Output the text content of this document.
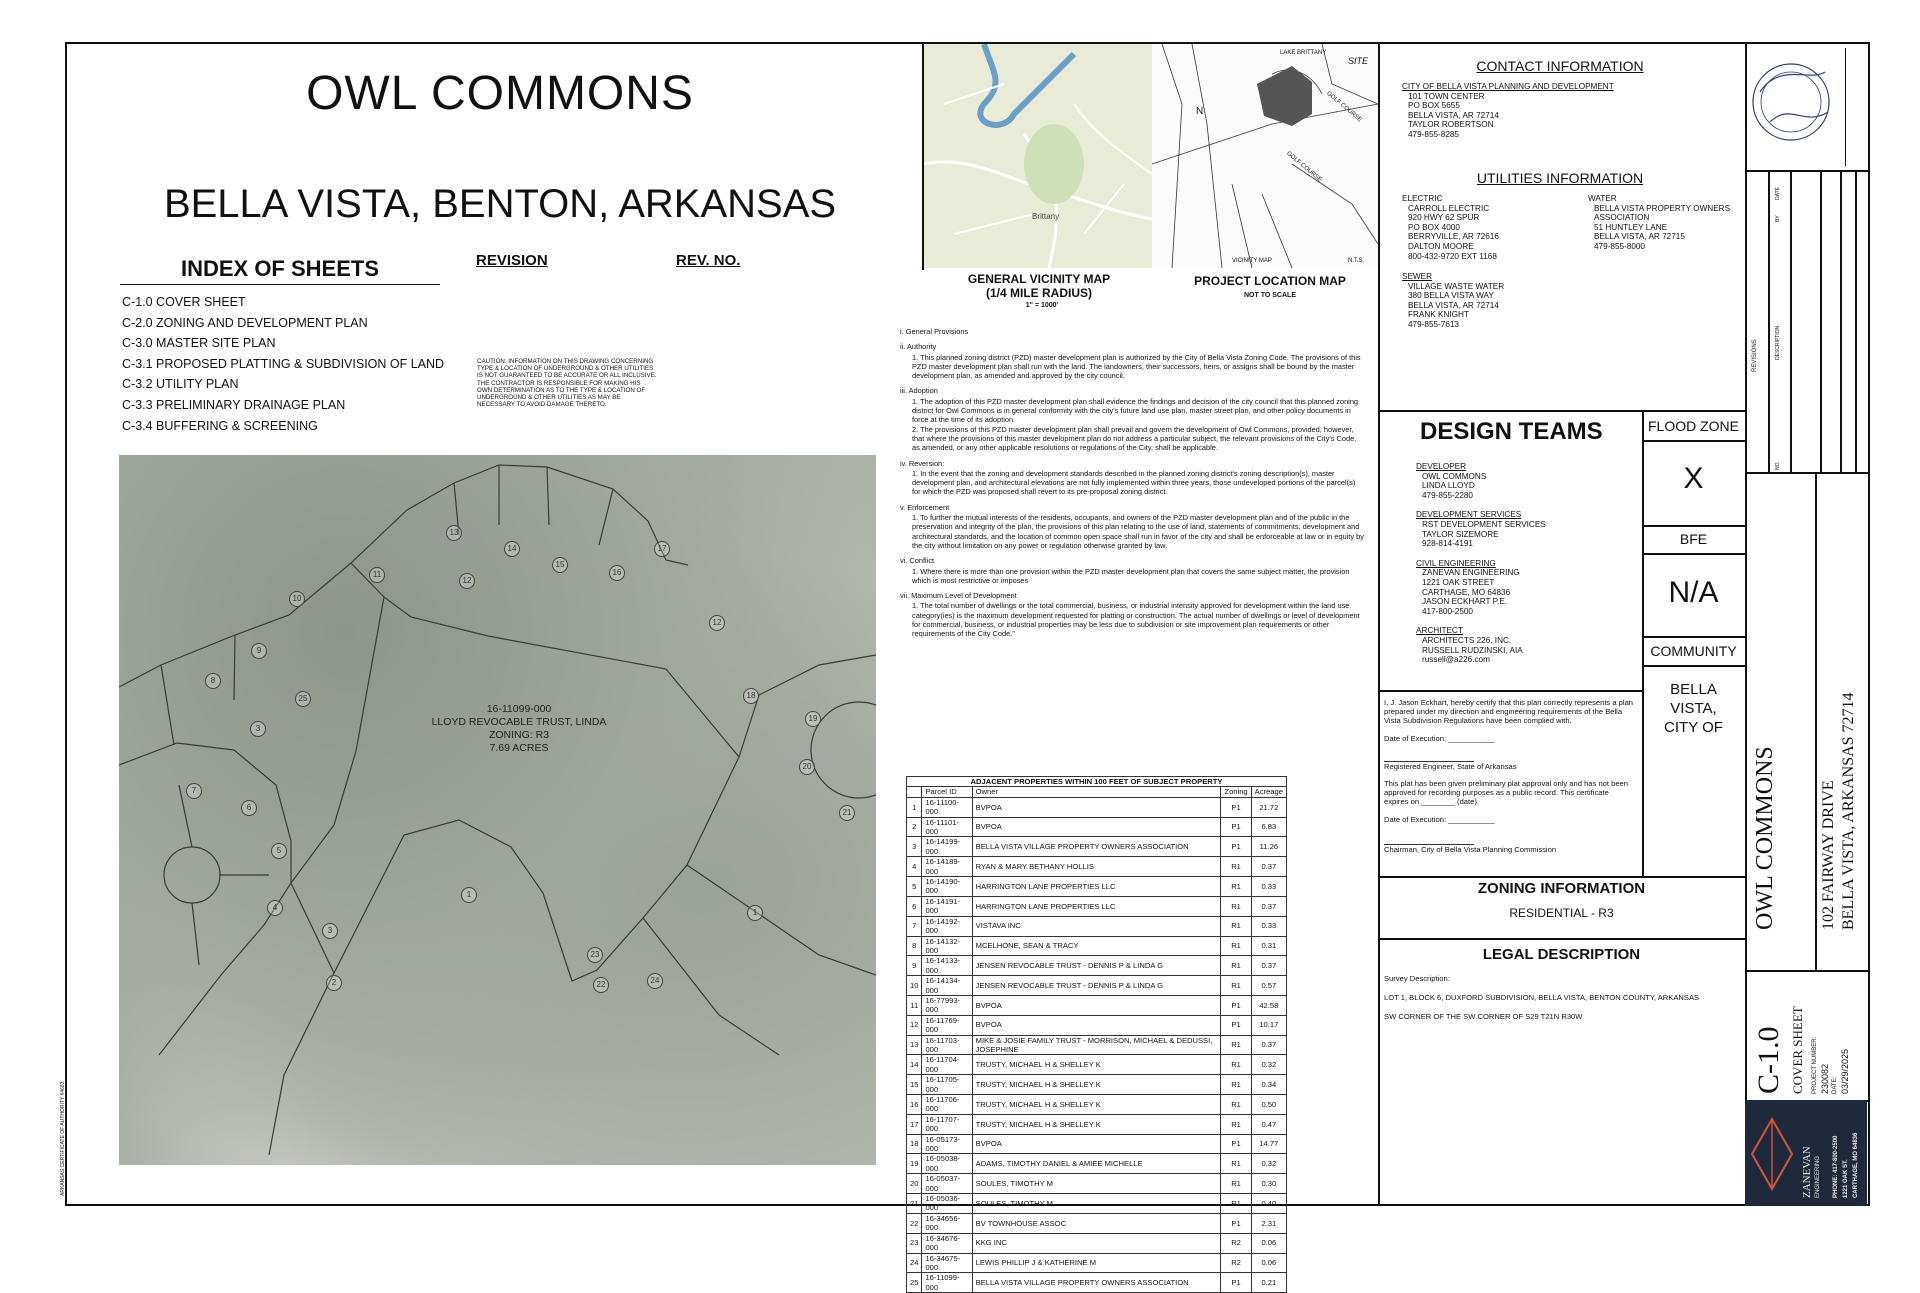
OWL COMMONS
BELLA VISTA, BENTON, ARKANSAS
INDEX OF SHEETS	REVISION	REV. NO.
C-1.0 COVER SHEET
C-2.0 ZONING AND DEVELOPMENT PLAN
C-3.0 MASTER SITE PLAN
C-3.1 PROPOSED PLATTING & SUBDIVISION OF LAND
C-3.2 UTILITY PLAN
C-3.3 PRELIMINARY DRAINAGE PLAN
C-3.4 BUFFERING & SCREENING
CAUTION: INFORMATION ON THIS DRAWING CONCERNING TYPE & LOCATION OF UNDERGROUND & OTHER UTILITIES IS NOT GUARANTEED TO BE ACCURATE OR ALL INCLUSIVE. THE CONTRACTOR IS RESPONSIBLE FOR MAKING HIS OWN DETERMINATION AS TO THE TYPE & LOCATION OF UNDERGROUND & OTHER UTILITIES AS MAY BE NECESSARY TO AVOID DAMAGE THERETO.
16-11099-000
LLOYD REVOCABLE TRUST, LINDA
ZONING: R3
7.69 ACRES
13
14
15
16
17
11
12
10
9
8
25
3
12
18
19
20
21
7
6
5
4
3
2
1
1
23
24
22
ARKANSAS CERTIFICATE OF AUTHORITY #4683
Brittany
LAKE BRITTANY
SITE
GOLF COURSE
GOLF COURSE
N
VICINITY MAP	N.T.S.
GENERAL VICINITY MAP (1/4 MILE RADIUS)
1" = 1000'
PROJECT LOCATION MAP
NOT TO SCALE

i. General Provisions

ii. Authority

1. This planned zoning district (PZD) master development plan is authorized by the City of Bella Vista Zoning Code. The provisions of this PZD master development plan shall run with the land. The landowners, their successors, heirs, or assigns shall be bound by the master development plan, as amended and approved by the city council.

iii. Adoption

1. The adoption of this PZD master development plan shall evidence the findings and decision of the city council that this planned zoning district for Owl Commons is in general conformity with the city's future land use plan, master street plan, and other policy documents in force at the time of its adoption.

2. The provisions of this PZD master development plan shall prevail and govern the development of Owl Commons, provided, however, that where the provisions of this master development plan do not address a particular subject, the relevant provisions of the City's Code, as amended, or any other applicable resolutions or regulations of the City, shall be applicable.

iv. Reversion:

1. In the event that the zoning and development standards described in the planned zoning district's zoning description(s), master development plan, and architectural elevations are not fully implemented within three years, those undeveloped portions of the parcel(s) for which the PZD was proposed shall revert to its pre-proposal zoning district.

v. Enforcement

1. To further the mutual interests of the residents, occupants, and owners of the PZD master development plan and of the public in the preservation and integrity of the plan, the provisions of this plan relating to the use of land, statements of commitments, development and architectural standards, and the location of common open space shall run in favor of the city and shall be enforceable at law or in equity by the city without limitation on any power or regulation otherwise granted by law.

vi. Conflict

1. Where there is more than one provision within the PZD master development plan that covers the same subject matter, the provision which is most restrictive or imposes

vii. Maximum Level of Development

1. The total number of dwellings or the total commercial, business, or industrial intensity approved for development within the land use category(ies) is the maximum development requested for platting or construction. The actual number of dwellings or level of development for commercial, business, or industrial properties may be less due to subdivision or site improvement plan requirements or other requirements of the City Code."

ADJACENT PROPERTIES WITHIN 100 FEET OF SUBJECT PROPERTY				
	Parcel ID	Owner	Zoning	Acreage
1	16-11100-000	BVPOA	P1	21.72
2	16-11101-000	BVPOA	P1	6.83
3	16-14199-000	BELLA VISTA VILLAGE PROPERTY OWNERS ASSOCIATION	P1	11.26
4	16-14189-000	RYAN & MARY BETHANY HOLLIS	R1	0.37
5	16-14190-000	HARRINGTON LANE PROPERTIES LLC	R1	0.33
6	16-14191-000	HARRINGTON LANE PROPERTIES LLC	R1	0.37
7	16-14192-000	VISTAVA INC	R1	0.33
8	16-14132-000	MCELHONE, SEAN & TRACY	R1	0.31
9	16-14133-000	JENSEN REVOCABLE TRUST - DENNIS P & LINDA G	R1	0.37
10	16-14134-000	JENSEN REVOCABLE TRUST - DENNIS P & LINDA G	R1	0.57
11	16-77993-000	BVPOA	P1	42.58
12	16-11769-000	BVPOA	P1	10.17
13	16-11703-000	MIKE & JOSIE FAMILY TRUST - MORRISON, MICHAEL & DEDUSSI, JOSEPHINE	R1	0.37
14	16-11704-000	TRUSTY, MICHAEL H & SHELLEY K	R1	0.32
15	16-11705-000	TRUSTY, MICHAEL H & SHELLEY K	R1	0.34
16	16-11706-000	TRUSTY, MICHAEL H & SHELLEY K	R1	0.50
17	16-11707-000	TRUSTY, MICHAEL H & SHELLEY K	R1	0.47
18	16-05173-000	BVPOA	P1	14.77
19	16-05038-000	ADAMS, TIMOTHY DANIEL & AMIEE MICHELLE	R1	0.32
20	16-05037-000	SOULES, TIMOTHY M	R1	0.30
21	16-05036-000	SOULES, TIMOTHY M	R1	0.40
22	16-34656-000	BV TOWNHOUSE ASSOC	P1	2.31
23	16-34676-000	KKG INC	R2	0.06
24	16-34675-000	LEWIS PHILLIP J & KATHERINE M	R2	0.06
25	16-11099-000	BELLA VISTA VILLAGE PROPERTY OWNERS ASSOCIATION	P1	0.21
CONTACT INFORMATION
CITY OF BELLA VISTA PLANNING AND DEVELOPMENT
101 TOWN CENTER
PO BOX 5655
BELLA VISTA, AR 72714
TAYLOR ROBERTSON
479-855-8285
UTILITIES INFORMATION
ELECTRIC
CARROLL ELECTRIC
920 HWY 62 SPUR
PO BOX 4000
BERRYVILLE, AR 72616
DALTON MOORE
800-432-9720 EXT 1168
WATER
BELLA VISTA PROPERTY OWNERS
ASSOCIATION
51 HUNTLEY LANE
BELLA VISTA, AR 72715
479-855-8000
SEWER
VILLAGE WASTE WATER
380 BELLA VISTA WAY
BELLA VISTA, AR 72714
FRANK KNIGHT
479-855-7613
DESIGN TEAMS
DEVELOPER
OWL COMMONS
LINDA LLOYD
479-855-2280
DEVELOPMENT SERVICES
RST DEVELOPMENT SERVICES
TAYLOR SIZEMORE
928-814-4191
CIVIL ENGINEERING
ZANEVAN ENGINEERING
1221 OAK STREET
CARTHAGE, MO 64836
JASON ECKHART P.E.
417-800-2500
ARCHITECT
ARCHITECTS 226, INC.
RUSSELL RUDZINSKI, AIA
russell@a226.com
FLOOD ZONE
X
BFE
N/A
COMMUNITY
BELLA
VISTA,
CITY OF
I, J. Jason Eckhart, hereby certify that this plan correctly represents a plan prepared under my direction and engineering requirements of the Bella Vista Subdivision Regulations have been complied with.
Date of Execution: ___________
Registered Engineer, State of Arkansas
This plat has been given preliminary plat approval only and has not been approved for recording purposes as a public record. This certificate expires on ________ (date).
Date of Execution: ___________
Chairman, City of Bella Vista Planning Commission
ZONING INFORMATION
RESIDENTIAL - R3
LEGAL DESCRIPTION
Survey Description:
LOT 1, BLOCK 6, DUXFORD SUBDIVISION, BELLA VISTA, BENTON COUNTY, ARKANSAS
SW CORNER OF THE SW CORNER OF S29 T21N R30W
REVISIONS
NO.
DESCRIPTION
BY
DATE
OWL COMMONS	102 FAIRWAY DRIVE BELLA VISTA, ARKANSAS 72714
C-1.0 COVER SHEET PROJECT NUMBER: 230082 DATE: 03/29/2025
ZANEVAN ENGINEERING PHONE: 417-800-2500 1221 OAK ST. CARTHAGE, MO 64836
